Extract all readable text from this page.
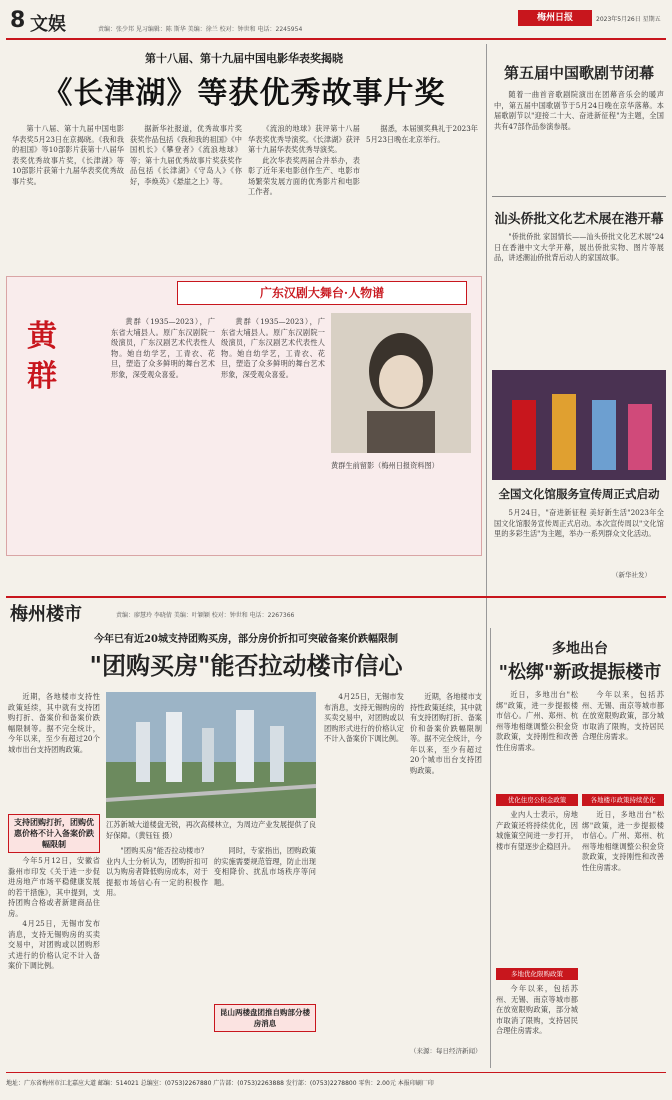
8 文娱	责编：张少邦 见习编辑：陈 斯华 美编：徐兰 校对：钟世和 电话：2245954
梅州日报	2023年5月26日 星期五
第十八届、第十九届中国电影华表奖揭晓
《长津湖》等获优秀故事片奖

第十八届、第十九届中国电影华表奖5月23日在京揭晓。《我和我的祖国》等10部影片获第十八届华表奖优秀故事片奖，《长津湖》等10部影片获第十九届华表奖优秀故事片奖。

据新华社报道，优秀故事片奖获奖作品包括《我和我的祖国》《中国机长》《攀登者》《流浪地球》等；第十九届优秀故事片奖获奖作品包括《长津湖》《守岛人》《你好，李焕英》《悬崖之上》等。

《流浪的地球》获评第十八届华表奖优秀导演奖。《长津湖》获评第十九届华表奖优秀导演奖。

此次华表奖两届合并举办，表彰了近年来电影创作生产、电影市场繁荣发展方面的优秀影片和电影工作者。

据悉，本届颁奖典礼于2023年5月23日晚在北京举行。

第五届中国歌剧节闭幕

随着一曲首音歌剧院演出在团幕音乐会的暖声中，第五届中国歌剧节于5月24日晚在京华落幕。本届歌剧节以"迎接二十大、奋进新征程"为主题，全国共有47部作品参演参展。

汕头侨批文化艺术展在港开幕

"侨批侨批 家国情长——汕头侨批文化艺术展"24日在香港中文大学开幕，展出侨批实物、图片等展品，讲述潮汕侨批背后动人的家国故事。

广东汉剧大舞台·人物谱
黄群

黄群（1935—2023），广东省大埔县人。原广东汉剧院一级演员，广东汉剧艺术代表性人物。她自幼学艺，工青衣、花旦，塑造了众多鲜明的舞台艺术形象，深受观众喜爱。

黄群（1935—2023），广东省大埔县人。原广东汉剧院一级演员，广东汉剧艺术代表性人物。她自幼学艺，工青衣、花旦，塑造了众多鲜明的舞台艺术形象，深受观众喜爱。

黄群生前留影（梅州日报资料图）

全国文化馆服务宣传周正式启动

5月24日，"奋进新征程 美好新生活"2023年全国文化馆服务宣传周正式启动。本次宣传周以"文化馆里的多彩生活"为主题，举办一系列群众文化活动。

（新华社发）
梅州楼市	责编：廖慧玲 李晓倩 美编：叶颖颖 校对：钟世和 电话：2267366
今年已有近20城支持团购买房，部分房价折扣可突破备案价跌幅限制
"团购买房"能否拉动楼市信心

近期，各地楼市支持性政策延续，其中就有支持团购打折、备案价和备案价跌幅限制等。据不完全统计，今年以来，至少有超过20个城市出台支持团购政策。

支持团购打折，团购优惠价格不计入备案价跌幅限制

今年5月12日，安徽省滁州市印发《关于进一步促进房地产市场平稳健康发展的若干措施》，其中提到，支持团购合格或者新建商品住房。

4月25日，无锡市发布消息，支持无锡购房的买卖交易中，对团购或以团购形式进行的价格认定不计入备案价下调比例。

江苏新城大道楼盘无锐，再次高楼林立，为周边产业发展提供了良好保障。（黄钰钰 摄）

"团购买房"能否拉动楼市？业内人士分析认为，团购折扣可以为购房者降低购房成本，对于提振市场信心有一定的积极作用。

同时，专家指出，团购政策的实施需要规范管理，防止出现变相降价、扰乱市场秩序等问题。

昆山两楼盘团推自购部分楼房消息

4月25日，无锡市发布消息，支持无锡购房的买卖交易中，对团购或以团购形式进行的价格认定不计入备案价下调比例。

近期，各地楼市支持性政策延续，其中就有支持团购打折、备案价和备案价跌幅限制等。据不完全统计，今年以来，至少有超过20个城市出台支持团购政策。

（来源：每日经济新闻）
多地出台
"松绑"新政提振楼市

近日，多地出台"松绑"政策，进一步提振楼市信心。广州、郑州、杭州等地相继调整公积金贷款政策，支持刚性和改善性住房需求。

今年以来，包括苏州、无锡、南京等城市都在放宽限购政策，部分城市取消了限购，支持居民合理住房需求。

优化住房公积金政策	各地楼市政策持续优化

业内人士表示，房地产政策还将持续优化，因城施策空间进一步打开，楼市有望逐步企稳回升。

近日，多地出台"松绑"政策，进一步提振楼市信心。广州、郑州、杭州等地相继调整公积金贷款政策，支持刚性和改善性住房需求。

多地优化限购政策

今年以来，包括苏州、无锡、南京等城市都在放宽限购政策，部分城市取消了限购，支持居民合理住房需求。

地址：广东省梅州市江北嘉应大道 邮编：514021 总编室：(0753)2267880 广告部：(0753)2263888 发行部：(0753)2278800 零售：2.00元 本报印刷厂印
